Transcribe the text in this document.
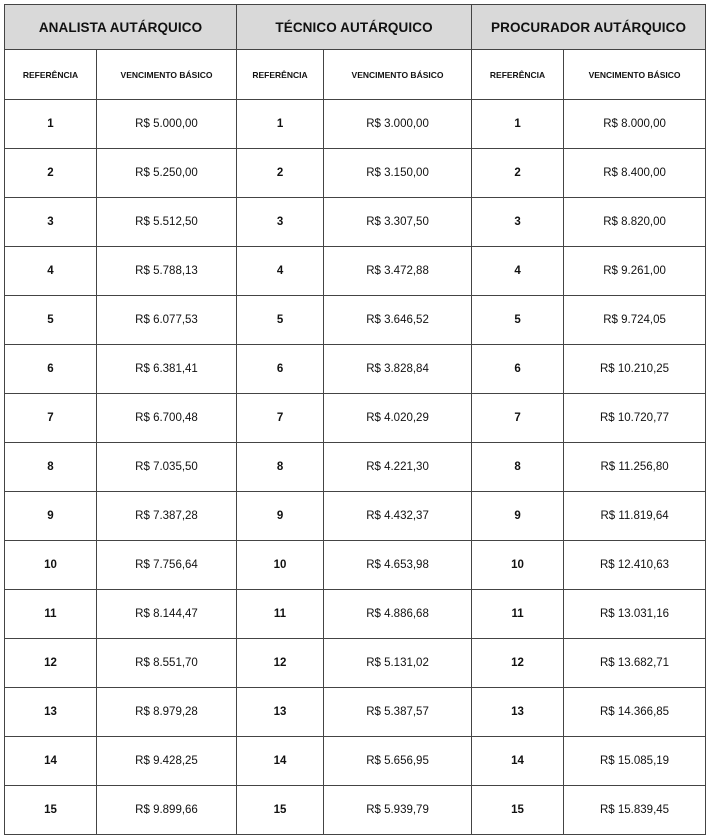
ANALISTA AUTÁRQUICO		TÉCNICO AUTÁRQUICO		PROCURADOR AUTÁRQUICO	
REFERÊNCIA	VENCIMENTO BÁSICO	REFERÊNCIA	VENCIMENTO BÁSICO	REFERÊNCIA	VENCIMENTO BÁSICO
1	R$ 5.000,00	1	R$ 3.000,00	1	R$ 8.000,00
2	R$ 5.250,00	2	R$ 3.150,00	2	R$ 8.400,00
3	R$ 5.512,50	3	R$ 3.307,50	3	R$ 8.820,00
4	R$ 5.788,13	4	R$ 3.472,88	4	R$ 9.261,00
5	R$ 6.077,53	5	R$ 3.646,52	5	R$ 9.724,05
6	R$ 6.381,41	6	R$ 3.828,84	6	R$ 10.210,25
7	R$ 6.700,48	7	R$ 4.020,29	7	R$ 10.720,77
8	R$ 7.035,50	8	R$ 4.221,30	8	R$ 11.256,80
9	R$ 7.387,28	9	R$ 4.432,37	9	R$ 11.819,64
10	R$ 7.756,64	10	R$ 4.653,98	10	R$ 12.410,63
11	R$ 8.144,47	11	R$ 4.886,68	11	R$ 13.031,16
12	R$ 8.551,70	12	R$ 5.131,02	12	R$ 13.682,71
13	R$ 8.979,28	13	R$ 5.387,57	13	R$ 14.366,85
14	R$ 9.428,25	14	R$ 5.656,95	14	R$ 15.085,19
15	R$ 9.899,66	15	R$ 5.939,79	15	R$ 15.839,45
